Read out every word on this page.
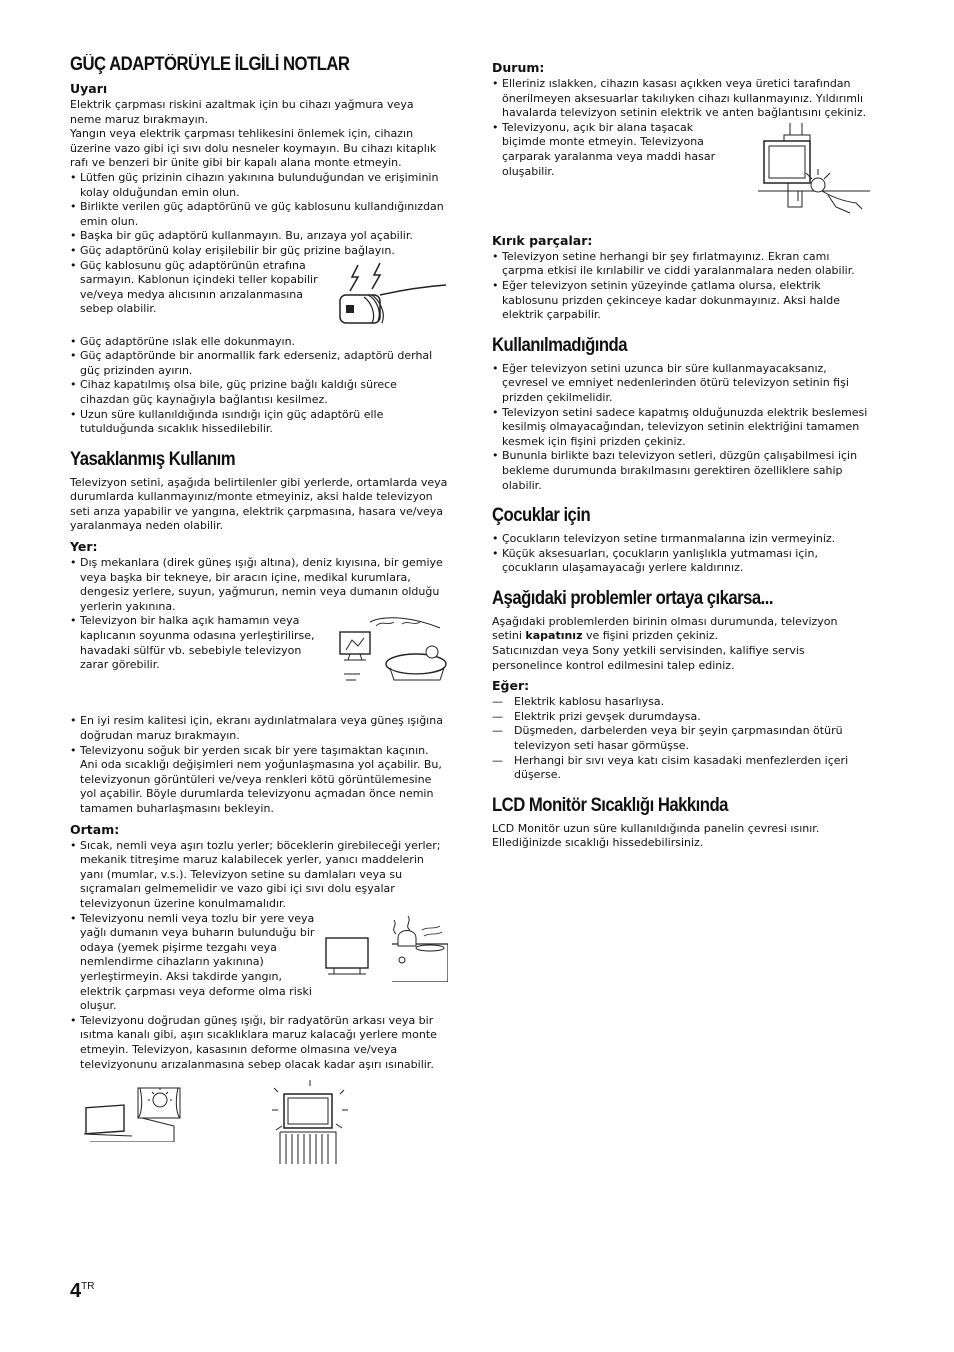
GÜÇ ADAPTÖRÜYLE İLGİLİ NOTLAR
Uyarı

Elektrik çarpması riskini azaltmak için bu cihazı yağmura veya neme maruz bırakmayın.

Yangın veya elektrik çarpması tehlikesini önlemek için, cihazın üzerine vazo gibi içi sıvı dolu nesneler koymayın. Bu cihazı kitaplık rafı ve benzeri bir ünite gibi bir kapalı alana monte etmeyin.

• Lütfen güç prizinin cihazın yakınına bulunduğundan ve erişiminin kolay olduğundan emin olun.
• Birlikte verilen güç adaptörünü ve güç kablosunu kullandığınızdan emin olun.
• Başka bir güç adaptörü kullanmayın. Bu, arızaya yol açabilir.
• Güç adaptörünü kolay erişilebilir bir güç prizine bağlayın.
• Güç kablosunu güç adaptörünün etrafına sarmayın. Kablonun içindeki teller kopabilir ve/veya medya alıcısının arızalanmasına sebep olabilir.
• Güç adaptörüne ıslak elle dokunmayın.
• Güç adaptöründe bir anormallik fark ederseniz, adaptörü derhal güç prizinden ayırın.
• Cihaz kapatılmış olsa bile, güç prizine bağlı kaldığı sürece cihazdan güç kaynağıyla bağlantısı kesilmez.
• Uzun süre kullanıldığında ısındığı için güç adaptörü elle tutulduğunda sıcaklık hissedilebilir.
Yasaklanmış Kullanım

Televizyon setini, aşağıda belirtilenler gibi yerlerde, ortamlarda veya durumlarda kullanmayınız/monte etmeyiniz, aksi halde televizyon seti arıza yapabilir ve yangına, elektrik çarpmasına, hasara ve/veya yaralanmaya neden olabilir.

Yer:
• Dış mekanlara (direk güneş ışığı altına), deniz kıyısına, bir gemiye veya başka bir tekneye, bir aracın içine, medikal kurumlara, dengesiz yerlere, suyun, yağmurun, nemin veya dumanın olduğu yerlerin yakınına.
• Televizyon bir halka açık hamamın veya kaplıcanın soyunma odasına yerleştirilirse, havadaki sülfür vb. sebebiyle televizyon zarar görebilir.
• En iyi resim kalitesi için, ekranı aydınlatmalara veya güneş ışığına doğrudan maruz bırakmayın.
• Televizyonu soğuk bir yerden sıcak bir yere taşımaktan kaçının. Ani oda sıcaklığı değişimleri nem yoğunlaşmasına yol açabilir. Bu, televizyonun görüntüleri ve/veya renkleri kötü görüntülemesine yol açabilir. Böyle durumlarda televizyonu açmadan önce nemin tamamen buharlaşmasını bekleyin.
Ortam:
• Sıcak, nemli veya aşırı tozlu yerler; böceklerin girebileceği yerler; mekanik titreşime maruz kalabilecek yerler, yanıcı maddelerin yanı (mumlar, v.s.). Televizyon setine su damlaları veya su sıçramaları gelmemelidir ve vazo gibi içi sıvı dolu eşyalar televizyonun üzerine konulmamalıdır.
• Televizyonu nemli veya tozlu bir yere veya yağlı dumanın veya buharın bulunduğu bir odaya (yemek pişirme tezgahı veya nemlendirme cihazların yakınına) yerleştirmeyin. Aksi takdirde yangın, elektrik çarpması veya deforme olma riski oluşur.
• Televizyonu doğrudan güneş ışığı, bir radyatörün arkası veya bir ısıtma kanalı gibi, aşırı sıcaklıklara maruz kalacağı yerlere monte etmeyin. Televizyon, kasasının deforme olmasına ve/veya televizyonunu arızalanmasına sebep olacak kadar aşırı ısınabilir.
Durum:
• Elleriniz ıslakken, cihazın kasası açıkken veya üretici tarafından önerilmeyen aksesuarlar takılıyken cihazı kullanmayınız. Yıldırımlı havalarda televizyon setinin elektrik ve anten bağlantısını çekiniz.
• Televizyonu, açık bir alana taşacak biçimde monte etmeyin. Televizyona çarparak yaralanma veya maddi hasar oluşabilir.
Kırık parçalar:
• Televizyon setine herhangi bir şey fırlatmayınız. Ekran camı çarpma etkisi ile kırılabilir ve ciddi yaralanmalara neden olabilir.
• Eğer televizyon setinin yüzeyinde çatlama olursa, elektrik kablosunu prizden çekinceye kadar dokunmayınız. Aksi halde elektrik çarpabilir.
Kullanılmadığında
• Eğer televizyon setini uzunca bir süre kullanmayacaksanız, çevresel ve emniyet nedenlerinden ötürü televizyon setinin fişi prizden çekilmelidir.
• Televizyon setini sadece kapatmış olduğunuzda elektrik beslemesi kesilmiş olmayacağından, televizyon setinin elektriğini tamamen kesmek için fişini prizden çekiniz.
• Bununla birlikte bazı televizyon setleri, düzgün çalışabilmesi için bekleme durumunda bırakılmasını gerektiren özelliklere sahip olabilir.
Çocuklar için
• Çocukların televizyon setine tırmanmalarına izin vermeyiniz.
• Küçük aksesuarları, çocukların yanlışlıkla yutmaması için, çocukların ulaşamayacağı yerlere kaldırınız.
Aşağıdaki problemler ortaya çıkarsa...

Aşağıdaki problemlerden birinin olması durumunda, televizyon setini kapatınız ve fişini prizden çekiniz.

Satıcınızdan veya Sony yetkili servisinden, kalifiye servis personelince kontrol edilmesini talep ediniz.

Eğer:
— Elektrik kablosu hasarlıysa.
— Elektrik prizi gevşek durumdaysa.
— Düşmeden, darbelerden veya bir şeyin çarpmasından ötürü televizyon seti hasar görmüşse.
— Herhangi bir sıvı veya katı cisim kasadaki menfezlerden içeri düşerse.
LCD Monitör Sıcaklığı Hakkında

LCD Monitör uzun süre kullanıldığında panelin çevresi ısınır. Ellediğinizde sıcaklığı hissedebilirsiniz.

$4^{TR}$
